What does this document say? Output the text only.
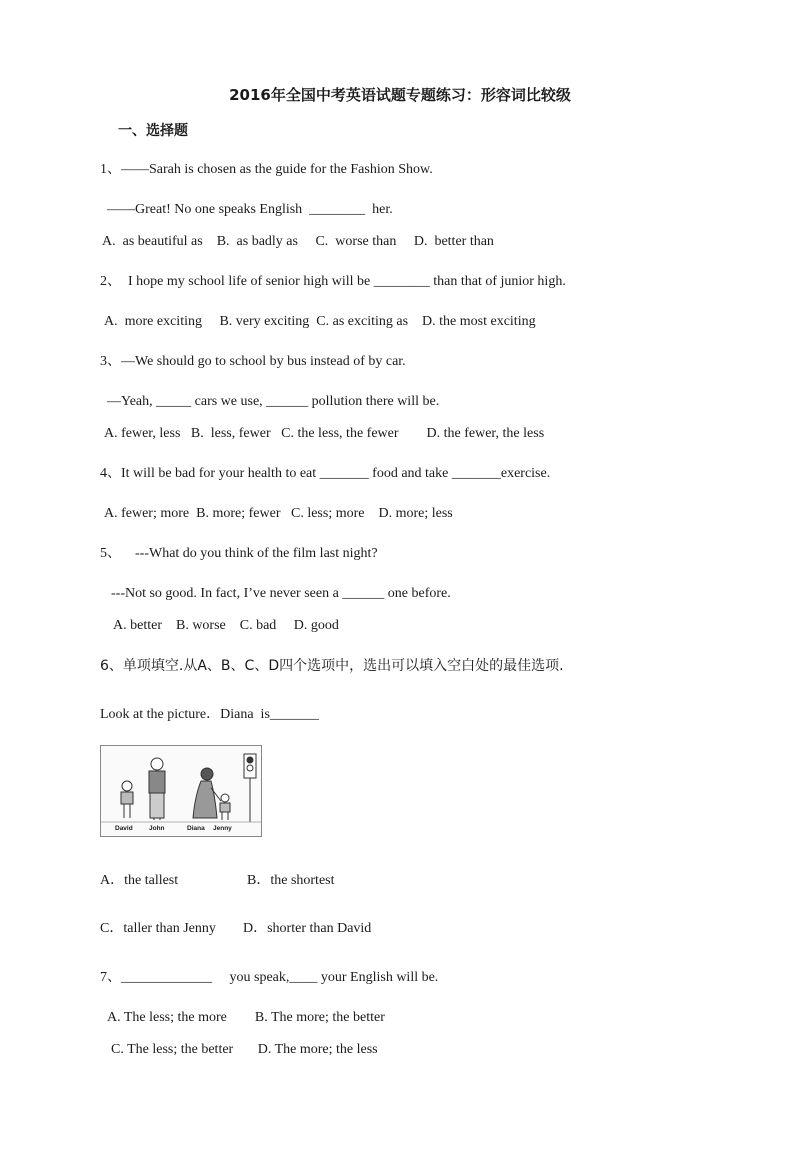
2016年全国中考英语试题专题练习：形容词比较级
一、选择题
1、——Sarah is chosen as the guide for the Fashion Show.
——Great! No one speaks English  ________  her.
A.  as beautiful as    B.  as badly as     C.  worse than     D.  better than
2、  I hope my school life of senior high will be ________ than that of junior high.
A.  more exciting     B. very exciting  C. as exciting as    D. the most exciting
3、—We should go to school by bus instead of by car.
—Yeah, _____ cars we use, ______ pollution there will be.
A. fewer, less   B.  less, fewer   C. the less, the fewer        D. the fewer, the less
4、It will be bad for your health to eat _______ food and take _______exercise.
A. fewer; more  B. more; fewer   C. less; more    D. more; less
5、    ---What do you think of the film last night?
---Not so good. In fact, I’ve never seen a ______ one before.
A. better    B. worse    C. bad     D. good
6、单项填空.从A、B、C、D四个选项中，选出可以填入空白处的最佳选项.
Look at the picture．Diana  is_______
David	John	Diana Jenny
A．the tallest	B．the shortest
C．taller than Jenny D．shorter than David
7、_____________     you speak,____ your English will be.
A. The less; the more        B. The more; the better
C. The less; the better       D. The more; the less
